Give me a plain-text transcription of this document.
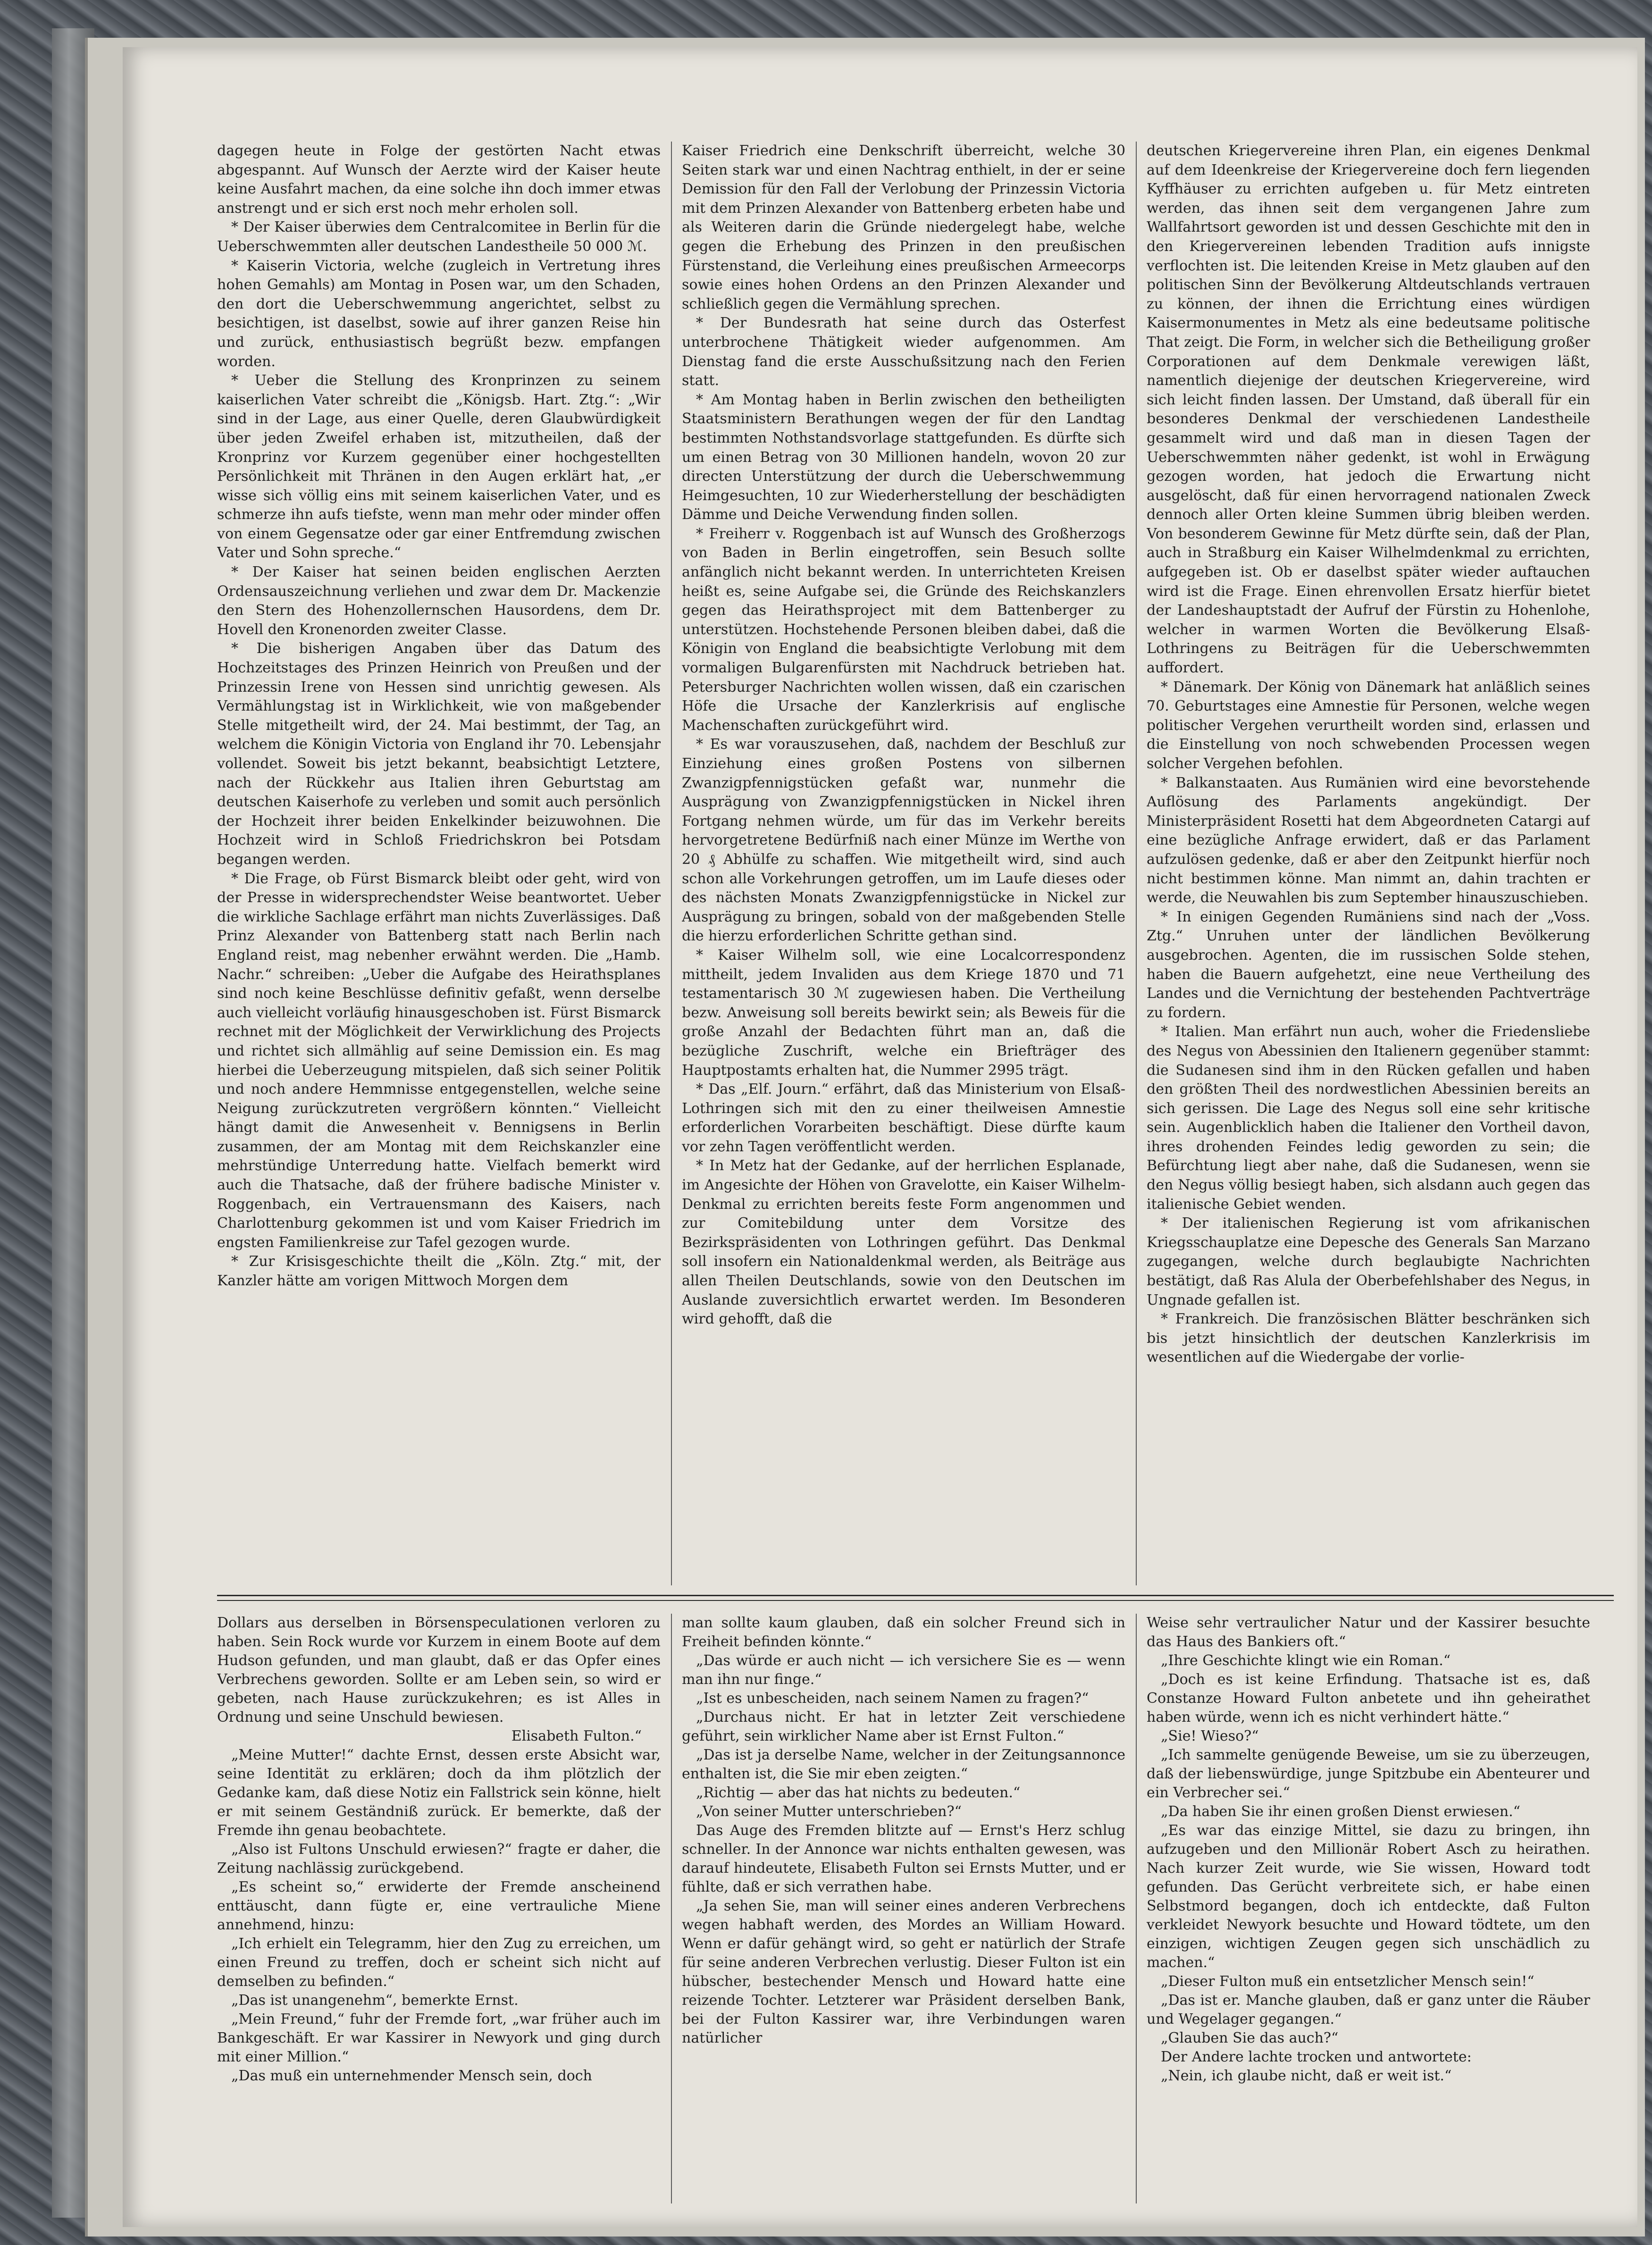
dagegen heute in Folge der gestörten Nacht etwas abgespannt. Auf Wunsch der Aerzte wird der Kaiser heute keine Ausfahrt machen, da eine solche ihn doch immer etwas anstrengt und er sich erst noch mehr erholen soll.

* Der Kaiser überwies dem Centralcomitee in Berlin für die Ueberschwemmten aller deutschen Landestheile 50 000 ℳ.

* Kaiserin Victoria, welche (zugleich in Vertretung ihres hohen Gemahls) am Montag in Posen war, um den Schaden, den dort die Ueberschwemmung angerichtet, selbst zu besichtigen, ist daselbst, sowie auf ihrer ganzen Reise hin und zurück, enthusiastisch begrüßt bezw. empfangen worden.

* Ueber die Stellung des Kronprinzen zu seinem kaiserlichen Vater schreibt die „Königsb. Hart. Ztg.“: „Wir sind in der Lage, aus einer Quelle, deren Glaubwürdigkeit über jeden Zweifel erhaben ist, mitzutheilen, daß der Kronprinz vor Kurzem gegenüber einer hochgestellten Persönlichkeit mit Thränen in den Augen erklärt hat, „er wisse sich völlig eins mit seinem kaiserlichen Vater, und es schmerze ihn aufs tiefste, wenn man mehr oder minder offen von einem Gegensatze oder gar einer Entfremdung zwischen Vater und Sohn spreche.“

* Der Kaiser hat seinen beiden englischen Aerzten Ordensauszeichnung verliehen und zwar dem Dr. Mackenzie den Stern des Hohenzollernschen Hausordens, dem Dr. Hovell den Kronenorden zweiter Classe.

* Die bisherigen Angaben über das Datum des Hochzeitstages des Prinzen Heinrich von Preußen und der Prinzessin Irene von Hessen sind unrichtig gewesen. Als Vermählungstag ist in Wirklichkeit, wie von maßgebender Stelle mitgetheilt wird, der 24. Mai bestimmt, der Tag, an welchem die Königin Victoria von England ihr 70. Lebensjahr vollendet. Soweit bis jetzt bekannt, beabsichtigt Letztere, nach der Rückkehr aus Italien ihren Geburtstag am deutschen Kaiserhofe zu verleben und somit auch persönlich der Hochzeit ihrer beiden Enkelkinder beizuwohnen. Die Hochzeit wird in Schloß Friedrichskron bei Potsdam begangen werden.

* Die Frage, ob Fürst Bismarck bleibt oder geht, wird von der Presse in widersprechendster Weise beantwortet. Ueber die wirkliche Sachlage erfährt man nichts Zuverlässiges. Daß Prinz Alexander von Battenberg statt nach Berlin nach England reist, mag nebenher erwähnt werden. Die „Hamb. Nachr.“ schreiben: „Ueber die Aufgabe des Heirathsplanes sind noch keine Beschlüsse definitiv gefaßt, wenn derselbe auch vielleicht vorläufig hinausgeschoben ist. Fürst Bismarck rechnet mit der Möglichkeit der Verwirklichung des Projects und richtet sich allmählig auf seine Demission ein. Es mag hierbei die Ueberzeugung mitspielen, daß sich seiner Politik und noch andere Hemmnisse entgegenstellen, welche seine Neigung zurückzutreten vergrößern könnten.“ Vielleicht hängt damit die Anwesenheit v. Bennigsens in Berlin zusammen, der am Montag mit dem Reichskanzler eine mehrstündige Unterredung hatte. Vielfach bemerkt wird auch die Thatsache, daß der frühere badische Minister v. Roggenbach, ein Vertrauensmann des Kaisers, nach Charlottenburg gekommen ist und vom Kaiser Friedrich im engsten Familienkreise zur Tafel gezogen wurde.

* Zur Krisisgeschichte theilt die „Köln. Ztg.“ mit, der Kanzler hätte am vorigen Mittwoch Morgen dem

Kaiser Friedrich eine Denkschrift überreicht, welche 30 Seiten stark war und einen Nachtrag enthielt, in der er seine Demission für den Fall der Verlobung der Prinzessin Victoria mit dem Prinzen Alexander von Battenberg erbeten habe und als Weiteren darin die Gründe niedergelegt habe, welche gegen die Erhebung des Prinzen in den preußischen Fürstenstand, die Verleihung eines preußischen Armeecorps sowie eines hohen Ordens an den Prinzen Alexander und schließlich gegen die Vermählung sprechen.

* Der Bundesrath hat seine durch das Osterfest unterbrochene Thätigkeit wieder aufgenommen. Am Dienstag fand die erste Ausschußsitzung nach den Ferien statt.

* Am Montag haben in Berlin zwischen den betheiligten Staatsministern Berathungen wegen der für den Landtag bestimmten Nothstandsvorlage stattgefunden. Es dürfte sich um einen Betrag von 30 Millionen handeln, wovon 20 zur directen Unterstützung der durch die Ueberschwemmung Heimgesuchten, 10 zur Wiederherstellung der beschädigten Dämme und Deiche Verwendung finden sollen.

* Freiherr v. Roggenbach ist auf Wunsch des Großherzogs von Baden in Berlin eingetroffen, sein Besuch sollte anfänglich nicht bekannt werden. In unterrichteten Kreisen heißt es, seine Aufgabe sei, die Gründe des Reichskanzlers gegen das Heirathsproject mit dem Battenberger zu unterstützen. Hochstehende Personen bleiben dabei, daß die Königin von England die beabsichtigte Verlobung mit dem vormaligen Bulgarenfürsten mit Nachdruck betrieben hat. Petersburger Nachrichten wollen wissen, daß ein czarischen Höfe die Ursache der Kanzlerkrisis auf englische Machenschaften zurückgeführt wird.

* Es war vorauszusehen, daß, nachdem der Beschluß zur Einziehung eines großen Postens von silbernen Zwanzigpfennigstücken gefaßt war, nunmehr die Ausprägung von Zwanzigpfennigstücken in Nickel ihren Fortgang nehmen würde, um für das im Verkehr bereits hervorgetretene Bedürfniß nach einer Münze im Werthe von 20 ₰ Abhülfe zu schaffen. Wie mitgetheilt wird, sind auch schon alle Vorkehrungen getroffen, um im Laufe dieses oder des nächsten Monats Zwanzigpfennigstücke in Nickel zur Ausprägung zu bringen, sobald von der maßgebenden Stelle die hierzu erforderlichen Schritte gethan sind.

* Kaiser Wilhelm soll, wie eine Localcorrespondenz mittheilt, jedem Invaliden aus dem Kriege 1870 und 71 testamentarisch 30 ℳ zugewiesen haben. Die Vertheilung bezw. Anweisung soll bereits bewirkt sein; als Beweis für die große Anzahl der Bedachten führt man an, daß die bezügliche Zuschrift, welche ein Briefträger des Hauptpostamts erhalten hat, die Nummer 2995 trägt.

* Das „Elf. Journ.“ erfährt, daß das Ministerium von Elsaß-Lothringen sich mit den zu einer theilweisen Amnestie erforderlichen Vorarbeiten beschäftigt. Diese dürfte kaum vor zehn Tagen veröffentlicht werden.

* In Metz hat der Gedanke, auf der herrlichen Esplanade, im Angesichte der Höhen von Gravelotte, ein Kaiser Wilhelm-Denkmal zu errichten bereits feste Form angenommen und zur Comitebildung unter dem Vorsitze des Bezirkspräsidenten von Lothringen geführt. Das Denkmal soll insofern ein Nationaldenkmal werden, als Beiträge aus allen Theilen Deutschlands, sowie von den Deutschen im Auslande zuversichtlich erwartet werden. Im Besonderen wird gehofft, daß die

deutschen Kriegervereine ihren Plan, ein eigenes Denkmal auf dem Ideenkreise der Kriegervereine doch fern liegenden Kyffhäuser zu errichten aufgeben u. für Metz eintreten werden, das ihnen seit dem vergangenen Jahre zum Wallfahrtsort geworden ist und dessen Geschichte mit den in den Kriegervereinen lebenden Tradition aufs innigste verflochten ist. Die leitenden Kreise in Metz glauben auf den politischen Sinn der Bevölkerung Altdeutschlands vertrauen zu können, der ihnen die Errichtung eines würdigen Kaisermonumentes in Metz als eine bedeutsame politische That zeigt. Die Form, in welcher sich die Betheiligung großer Corporationen auf dem Denkmale verewigen läßt, namentlich diejenige der deutschen Kriegervereine, wird sich leicht finden lassen. Der Umstand, daß überall für ein besonderes Denkmal der verschiedenen Landestheile gesammelt wird und daß man in diesen Tagen der Ueberschwemmten näher gedenkt, ist wohl in Erwägung gezogen worden, hat jedoch die Erwartung nicht ausgelöscht, daß für einen hervorragend nationalen Zweck dennoch aller Orten kleine Summen übrig bleiben werden. Von besonderem Gewinne für Metz dürfte sein, daß der Plan, auch in Straßburg ein Kaiser Wilhelmdenkmal zu errichten, aufgegeben ist. Ob er daselbst später wieder auftauchen wird ist die Frage. Einen ehrenvollen Ersatz hierfür bietet der Landeshauptstadt der Aufruf der Fürstin zu Hohenlohe, welcher in warmen Worten die Bevölkerung Elsaß-Lothringens zu Beiträgen für die Ueberschwemmten auffordert.

* Dänemark. Der König von Dänemark hat anläßlich seines 70. Geburtstages eine Amnestie für Personen, welche wegen politischer Vergehen verurtheilt worden sind, erlassen und die Einstellung von noch schwebenden Processen wegen solcher Vergehen befohlen.

* Balkanstaaten. Aus Rumänien wird eine bevorstehende Auflösung des Parlaments angekündigt. Der Ministerpräsident Rosetti hat dem Abgeordneten Catargi auf eine bezügliche Anfrage erwidert, daß er das Parlament aufzulösen gedenke, daß er aber den Zeitpunkt hierfür noch nicht bestimmen könne. Man nimmt an, dahin trachten er werde, die Neuwahlen bis zum September hinauszuschieben.

* In einigen Gegenden Rumäniens sind nach der „Voss. Ztg.“ Unruhen unter der ländlichen Bevölkerung ausgebrochen. Agenten, die im russischen Solde stehen, haben die Bauern aufgehetzt, eine neue Vertheilung des Landes und die Vernichtung der bestehenden Pachtverträge zu fordern.

* Italien. Man erfährt nun auch, woher die Friedensliebe des Negus von Abessinien den Italienern gegenüber stammt: die Sudanesen sind ihm in den Rücken gefallen und haben den größten Theil des nordwestlichen Abessinien bereits an sich gerissen. Die Lage des Negus soll eine sehr kritische sein. Augenblicklich haben die Italiener den Vortheil davon, ihres drohenden Feindes ledig geworden zu sein; die Befürchtung liegt aber nahe, daß die Sudanesen, wenn sie den Negus völlig besiegt haben, sich alsdann auch gegen das italienische Gebiet wenden.

* Der italienischen Regierung ist vom afrikanischen Kriegsschauplatze eine Depesche des Generals San Marzano zugegangen, welche durch beglaubigte Nachrichten bestätigt, daß Ras Alula der Oberbefehlshaber des Negus, in Ungnade gefallen ist.

* Frankreich. Die französischen Blätter beschränken sich bis jetzt hinsichtlich der deutschen Kanzlerkrisis im wesentlichen auf die Wiedergabe der vorlie-

Dollars aus derselben in Börsenspeculationen verloren zu haben. Sein Rock wurde vor Kurzem in einem Boote auf dem Hudson gefunden, und man glaubt, daß er das Opfer eines Verbrechens geworden. Sollte er am Leben sein, so wird er gebeten, nach Hause zurückzukehren; es ist Alles in Ordnung und seine Unschuld bewiesen.

Elisabeth Fulton.“

„Meine Mutter!“ dachte Ernst, dessen erste Absicht war, seine Identität zu erklären; doch da ihm plötzlich der Gedanke kam, daß diese Notiz ein Fallstrick sein könne, hielt er mit seinem Geständniß zurück. Er bemerkte, daß der Fremde ihn genau beobachtete.

„Also ist Fultons Unschuld erwiesen?“ fragte er daher, die Zeitung nachlässig zurückgebend.

„Es scheint so,“ erwiderte der Fremde anscheinend enttäuscht, dann fügte er, eine vertrauliche Miene annehmend, hinzu:

„Ich erhielt ein Telegramm, hier den Zug zu erreichen, um einen Freund zu treffen, doch er scheint sich nicht auf demselben zu befinden.“

„Das ist unangenehm“, bemerkte Ernst.

„Mein Freund,“ fuhr der Fremde fort, „war früher auch im Bankgeschäft. Er war Kassirer in Newyork und ging durch mit einer Million.“

„Das muß ein unternehmender Mensch sein, doch

man sollte kaum glauben, daß ein solcher Freund sich in Freiheit befinden könnte.“

„Das würde er auch nicht — ich versichere Sie es — wenn man ihn nur finge.“

„Ist es unbescheiden, nach seinem Namen zu fragen?“

„Durchaus nicht. Er hat in letzter Zeit verschiedene geführt, sein wirklicher Name aber ist Ernst Fulton.“

„Das ist ja derselbe Name, welcher in der Zeitungsannonce enthalten ist, die Sie mir eben zeigten.“

„Richtig — aber das hat nichts zu bedeuten.“

„Von seiner Mutter unterschrieben?“

Das Auge des Fremden blitzte auf — Ernst's Herz schlug schneller. In der Annonce war nichts enthalten gewesen, was darauf hindeutete, Elisabeth Fulton sei Ernsts Mutter, und er fühlte, daß er sich verrathen habe.

„Ja sehen Sie, man will seiner eines anderen Verbrechens wegen habhaft werden, des Mordes an William Howard. Wenn er dafür gehängt wird, so geht er natürlich der Strafe für seine anderen Verbrechen verlustig. Dieser Fulton ist ein hübscher, bestechender Mensch und Howard hatte eine reizende Tochter. Letzterer war Präsident derselben Bank, bei der Fulton Kassirer war, ihre Verbindungen waren natürlicher

Weise sehr vertraulicher Natur und der Kassirer besuchte das Haus des Bankiers oft.“

„Ihre Geschichte klingt wie ein Roman.“

„Doch es ist keine Erfindung. Thatsache ist es, daß Constanze Howard Fulton anbetete und ihn geheirathet haben würde, wenn ich es nicht verhindert hätte.“

„Sie! Wieso?“

„Ich sammelte genügende Beweise, um sie zu überzeugen, daß der liebenswürdige, junge Spitzbube ein Abenteurer und ein Verbrecher sei.“

„Da haben Sie ihr einen großen Dienst erwiesen.“

„Es war das einzige Mittel, sie dazu zu bringen, ihn aufzugeben und den Millionär Robert Asch zu heirathen. Nach kurzer Zeit wurde, wie Sie wissen, Howard todt gefunden. Das Gerücht verbreitete sich, er habe einen Selbstmord begangen, doch ich entdeckte, daß Fulton verkleidet Newyork besuchte und Howard tödtete, um den einzigen, wichtigen Zeugen gegen sich unschädlich zu machen.“

„Dieser Fulton muß ein entsetzlicher Mensch sein!“

„Das ist er. Manche glauben, daß er ganz unter die Räuber und Wegelager gegangen.“

„Glauben Sie das auch?“

Der Andere lachte trocken und antwortete:

„Nein, ich glaube nicht, daß er weit ist.“
